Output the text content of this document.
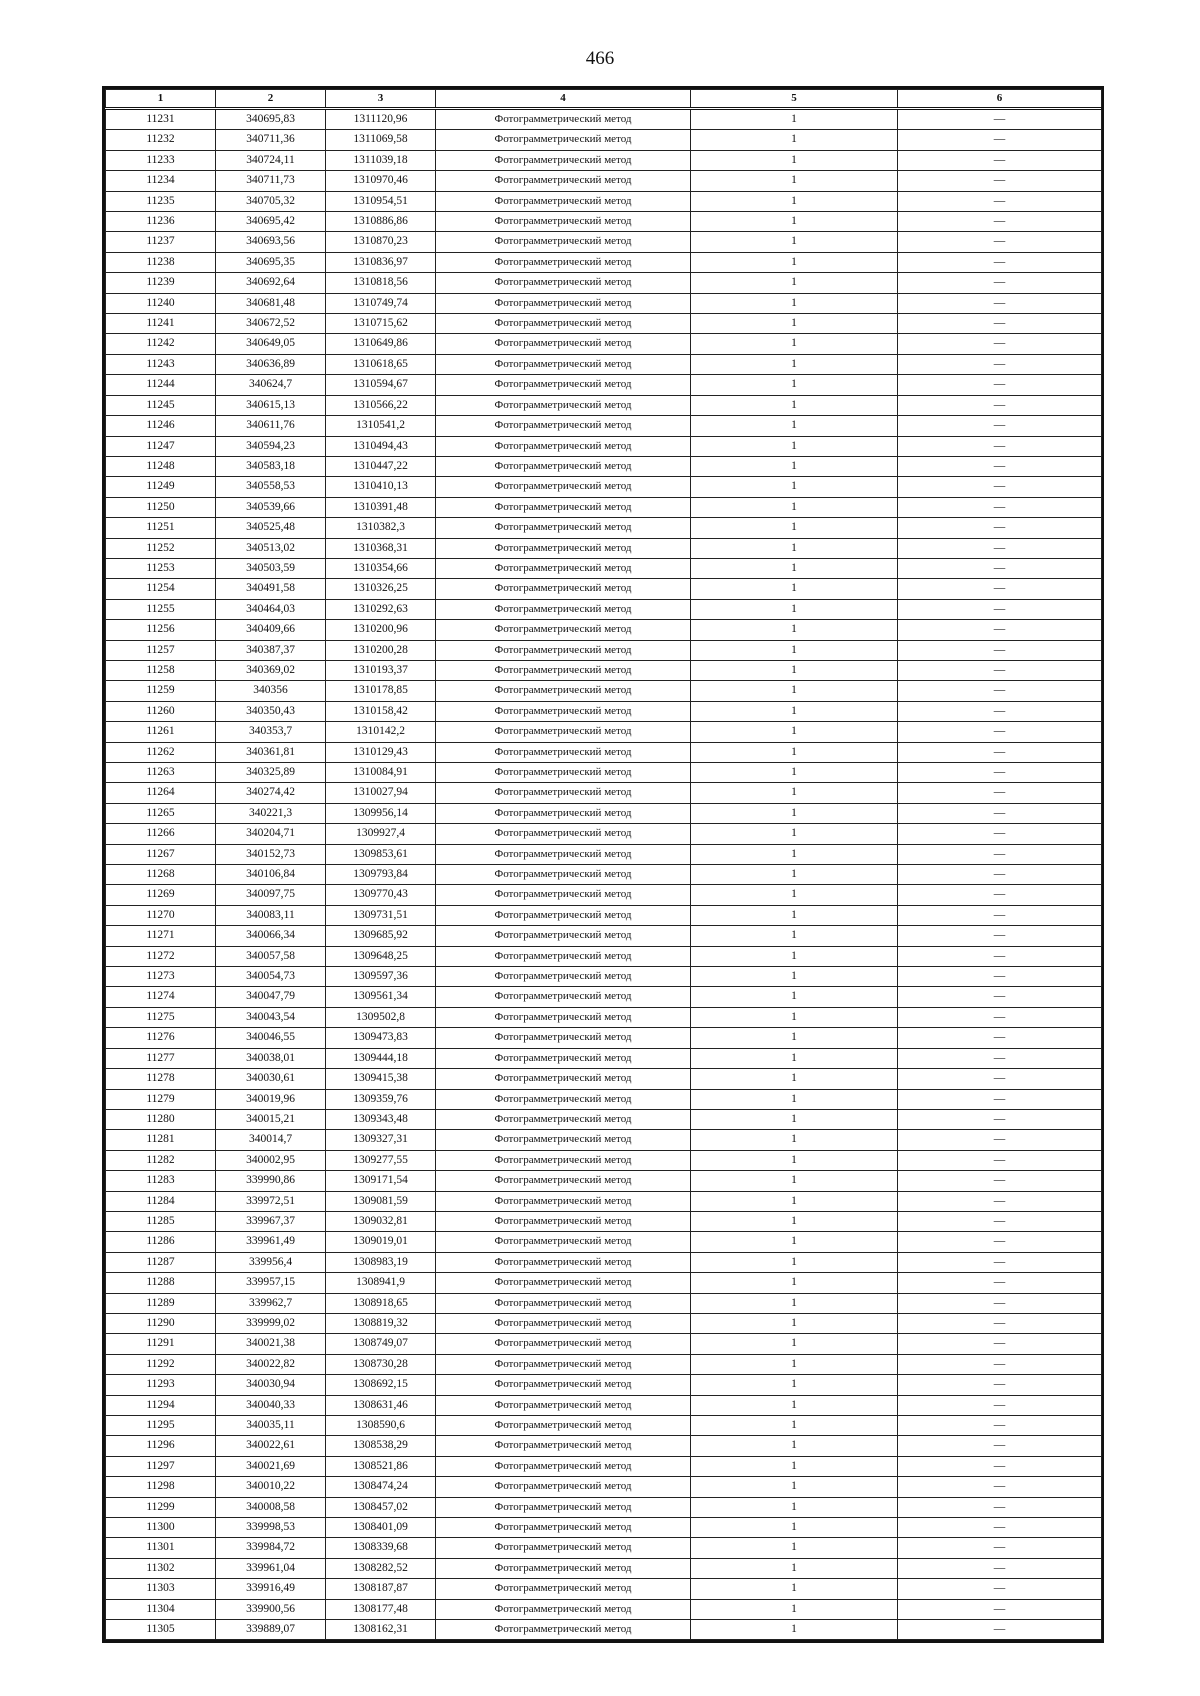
466
1	2	3	4	5	6
11231	340695,83	1311120,96	Фотограмметрический метод	1	—
11232	340711,36	1311069,58	Фотограмметрический метод	1	—
11233	340724,11	1311039,18	Фотограмметрический метод	1	—
11234	340711,73	1310970,46	Фотограмметрический метод	1	—
11235	340705,32	1310954,51	Фотограмметрический метод	1	—
11236	340695,42	1310886,86	Фотограмметрический метод	1	—
11237	340693,56	1310870,23	Фотограмметрический метод	1	—
11238	340695,35	1310836,97	Фотограмметрический метод	1	—
11239	340692,64	1310818,56	Фотограмметрический метод	1	—
11240	340681,48	1310749,74	Фотограмметрический метод	1	—
11241	340672,52	1310715,62	Фотограмметрический метод	1	—
11242	340649,05	1310649,86	Фотограмметрический метод	1	—
11243	340636,89	1310618,65	Фотограмметрический метод	1	—
11244	340624,7	1310594,67	Фотограмметрический метод	1	—
11245	340615,13	1310566,22	Фотограмметрический метод	1	—
11246	340611,76	1310541,2	Фотограмметрический метод	1	—
11247	340594,23	1310494,43	Фотограмметрический метод	1	—
11248	340583,18	1310447,22	Фотограмметрический метод	1	—
11249	340558,53	1310410,13	Фотограмметрический метод	1	—
11250	340539,66	1310391,48	Фотограмметрический метод	1	—
11251	340525,48	1310382,3	Фотограмметрический метод	1	—
11252	340513,02	1310368,31	Фотограмметрический метод	1	—
11253	340503,59	1310354,66	Фотограмметрический метод	1	—
11254	340491,58	1310326,25	Фотограмметрический метод	1	—
11255	340464,03	1310292,63	Фотограмметрический метод	1	—
11256	340409,66	1310200,96	Фотограмметрический метод	1	—
11257	340387,37	1310200,28	Фотограмметрический метод	1	—
11258	340369,02	1310193,37	Фотограмметрический метод	1	—
11259	340356	1310178,85	Фотограмметрический метод	1	—
11260	340350,43	1310158,42	Фотограмметрический метод	1	—
11261	340353,7	1310142,2	Фотограмметрический метод	1	—
11262	340361,81	1310129,43	Фотограмметрический метод	1	—
11263	340325,89	1310084,91	Фотограмметрический метод	1	—
11264	340274,42	1310027,94	Фотограмметрический метод	1	—
11265	340221,3	1309956,14	Фотограмметрический метод	1	—
11266	340204,71	1309927,4	Фотограмметрический метод	1	—
11267	340152,73	1309853,61	Фотограмметрический метод	1	—
11268	340106,84	1309793,84	Фотограмметрический метод	1	—
11269	340097,75	1309770,43	Фотограмметрический метод	1	—
11270	340083,11	1309731,51	Фотограмметрический метод	1	—
11271	340066,34	1309685,92	Фотограмметрический метод	1	—
11272	340057,58	1309648,25	Фотограмметрический метод	1	—
11273	340054,73	1309597,36	Фотограмметрический метод	1	—
11274	340047,79	1309561,34	Фотограмметрический метод	1	—
11275	340043,54	1309502,8	Фотограмметрический метод	1	—
11276	340046,55	1309473,83	Фотограмметрический метод	1	—
11277	340038,01	1309444,18	Фотограмметрический метод	1	—
11278	340030,61	1309415,38	Фотограмметрический метод	1	—
11279	340019,96	1309359,76	Фотограмметрический метод	1	—
11280	340015,21	1309343,48	Фотограмметрический метод	1	—
11281	340014,7	1309327,31	Фотограмметрический метод	1	—
11282	340002,95	1309277,55	Фотограмметрический метод	1	—
11283	339990,86	1309171,54	Фотограмметрический метод	1	—
11284	339972,51	1309081,59	Фотограмметрический метод	1	—
11285	339967,37	1309032,81	Фотограмметрический метод	1	—
11286	339961,49	1309019,01	Фотограмметрический метод	1	—
11287	339956,4	1308983,19	Фотограмметрический метод	1	—
11288	339957,15	1308941,9	Фотограмметрический метод	1	—
11289	339962,7	1308918,65	Фотограмметрический метод	1	—
11290	339999,02	1308819,32	Фотограмметрический метод	1	—
11291	340021,38	1308749,07	Фотограмметрический метод	1	—
11292	340022,82	1308730,28	Фотограмметрический метод	1	—
11293	340030,94	1308692,15	Фотограмметрический метод	1	—
11294	340040,33	1308631,46	Фотограмметрический метод	1	—
11295	340035,11	1308590,6	Фотограмметрический метод	1	—
11296	340022,61	1308538,29	Фотограмметрический метод	1	—
11297	340021,69	1308521,86	Фотограмметрический метод	1	—
11298	340010,22	1308474,24	Фотограмметрический метод	1	—
11299	340008,58	1308457,02	Фотограмметрический метод	1	—
11300	339998,53	1308401,09	Фотограмметрический метод	1	—
11301	339984,72	1308339,68	Фотограмметрический метод	1	—
11302	339961,04	1308282,52	Фотограмметрический метод	1	—
11303	339916,49	1308187,87	Фотограмметрический метод	1	—
11304	339900,56	1308177,48	Фотограмметрический метод	1	—
11305	339889,07	1308162,31	Фотограмметрический метод	1	—
